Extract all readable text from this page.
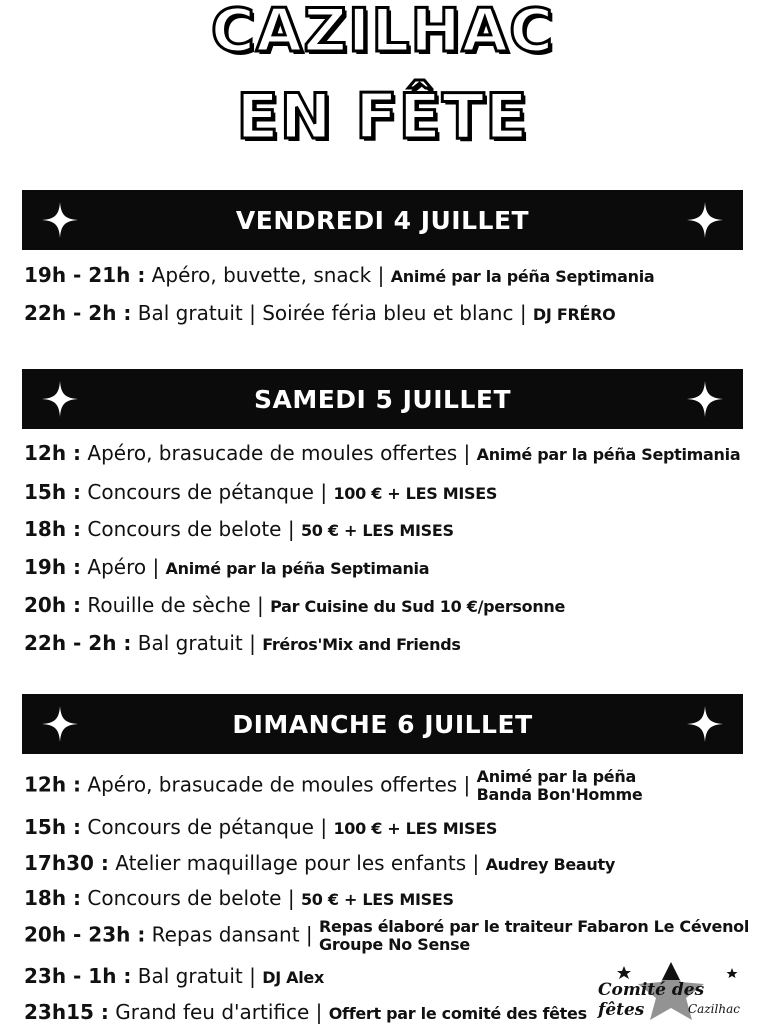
CAZILHAC
EN FÊTE
VENDREDI 4 JUILLET
19h - 21h : Apéro, buvette, snack | Animé par la péña Septimania
22h - 2h : Bal gratuit | Soirée féria bleu et blanc | DJ FRÉRO
SAMEDI 5 JUILLET
12h : Apéro, brasucade de moules offertes | Animé par la péña Septimania
15h : Concours de pétanque | 100 € + LES MISES
18h : Concours de belote | 50 € + LES MISES
19h : Apéro | Animé par la péña Septimania
20h : Rouille de sèche | Par Cuisine du Sud 10 €/personne
22h - 2h : Bal gratuit | Fréros'Mix and Friends
DIMANCHE 6 JUILLET
12h : Apéro, brasucade de moules offertes | Animé par la péña
Banda Bon'Homme
15h : Concours de pétanque | 100 € + LES MISES
17h30 : Atelier maquillage pour les enfants | Audrey Beauty
18h : Concours de belote | 50 € + LES MISES
20h - 23h : Repas dansant | Repas élaboré par le traiteur Fabaron Le Cévenol
Groupe No Sense
23h - 1h : Bal gratuit | DJ Alex
23h15 : Grand feu d'artifice | Offert par le comité des fêtes
Comité des fêtes	Cazilhac
